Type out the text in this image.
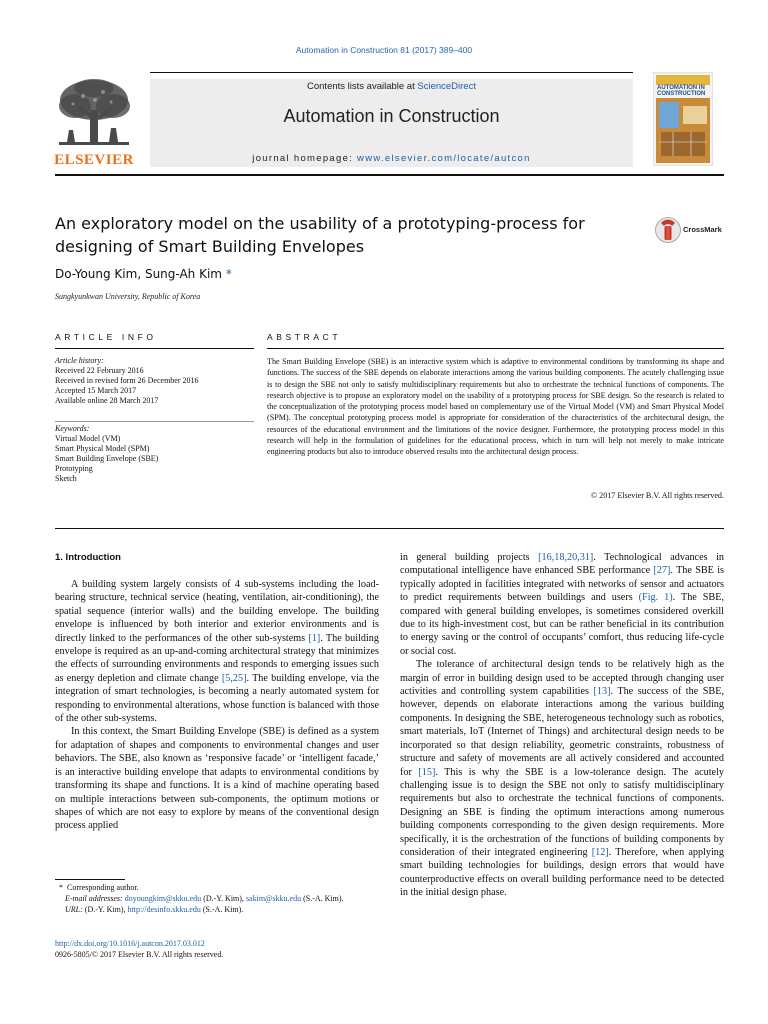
Automation in Construction 81 (2017) 389–400
ELSEVIER
Contents lists available at ScienceDirect
Automation in Construction
journal homepage: www.elsevier.com/locate/autcon
AUTOMATION IN
CONSTRUCTION
An exploratory model on the usability of a prototyping-process for
designing of Smart Building Envelopes
CrossMark
Do-Young Kim, Sung-Ah Kim *
Sungkyunkwan University, Republic of Korea
ARTICLE INFO	ABSTRACT
Article history:
Received 22 February 2016
Received in revised form 26 December 2016
Accepted 15 March 2017
Available online 28 March 2017
Keywords:
Virtual Model (VM)
Smart Physical Model (SPM)
Smart Building Envelope (SBE)
Prototyping
Sketch
The Smart Building Envelope (SBE) is an interactive system which is adaptive to environmental conditions by transforming its shape and functions. The success of the SBE depends on elaborate interactions among the various building components. The acutely challenging issue is to design the SBE not only to satisfy multidisciplinary requirements but also to orchestrate the technical functions of components. The research objective is to propose an exploratory model on the usability of a prototyping process for SBE design. So the research is related to the conceptualization of the prototyping process model based on complementary use of the Virtual Model (VM) and Smart Physical Model (SPM). The conceptual prototyping process model is appropriate for consideration of the characteristics of the architectural design, the resources of the educational environment and the limitations of the novice designer. Furthermore, the prototyping process model in this research will help in the formulation of guidelines for the educational process, which in turn will help not merely to make intricate engineering products but also to introduce observed results into the architectural design process.
© 2017 Elsevier B.V. All rights reserved.
1. Introduction

A building system largely consists of 4 sub-systems including the load-bearing structure, technical service (heating, ventilation, air-conditioning), the spatial sequence (interior walls) and the building envelope. The building envelope is influenced by both interior and exterior environments and is directly linked to the performances of the other sub-systems [1]. The building envelope is required as an up-and-coming architectural strategy that minimizes the effects of surrounding environments and responds to emerging issues such as energy depletion and climate change [5,25]. The building envelope, via the integration of smart technologies, is becoming a nearly automated system for responding to environmental alterations, whose function is balanced with those of the other sub-systems.

In this context, the Smart Building Envelope (SBE) is defined as a system for adaptation of shapes and components to environmental changes and user behaviors. The SBE, also known as ‘responsive facade’ or ‘intelligent facade,’ is an interactive building envelope that adapts to environmental conditions by transforming its shape and functions. It is a kind of machine operating based on multiple interactions between sub-components, the optimum motions or shapes of which are not easy to explore by means of the conventional design process applied

in general building projects [16,18,20,31]. Technological advances in computational intelligence have enhanced SBE performance [27]. The SBE is typically adopted in facilities integrated with networks of sensor and actuators to predict requirements between buildings and users (Fig. 1). The SBE, compared with general building envelopes, is sometimes considered overkill due to its high-investment cost, but can be rather beneficial in its contribution to energy saving or the control of occupants’ comfort, thus reducing life-cycle or social cost.

The tolerance of architectural design tends to be relatively high as the margin of error in building design used to be accepted through changing user activities and controlling system capabilities [13]. The success of the SBE, however, depends on elaborate interactions among the various building components. In designing the SBE, heterogeneous technology such as robotics, smart materials, IoT (Internet of Things) and architectural design needs to be incorporated so that design reliability, geometric constraints, robustness of structure and safety of movements are all actively considered and accounted for [15]. This is why the SBE is a low-tolerance design. The acutely challenging issue is to design the SBE not only to satisfy multidisciplinary requirements but also to orchestrate the technical functions of components. Designing an SBE is finding the optimum interactions among numerous building components corresponding to the given design requirements. More specifically, it is the orchestration of the functions of building components by consideration of their integrated engineering [12]. Therefore, when applying smart building technologies for buildings, design errors that would have counterproductive effects on overall building performance need to be detected in the initial design phase.

* Corresponding author.
E-mail addresses: doyoungkim@skku.edu (D.-Y. Kim), sakim@skku.edu (S.-A. Kim).
URL: (D.-Y. Kim), http://desinfo.skku.edu (S.-A. Kim).
http://dx.doi.org/10.1016/j.autcon.2017.03.012
0926-5805/© 2017 Elsevier B.V. All rights reserved.
